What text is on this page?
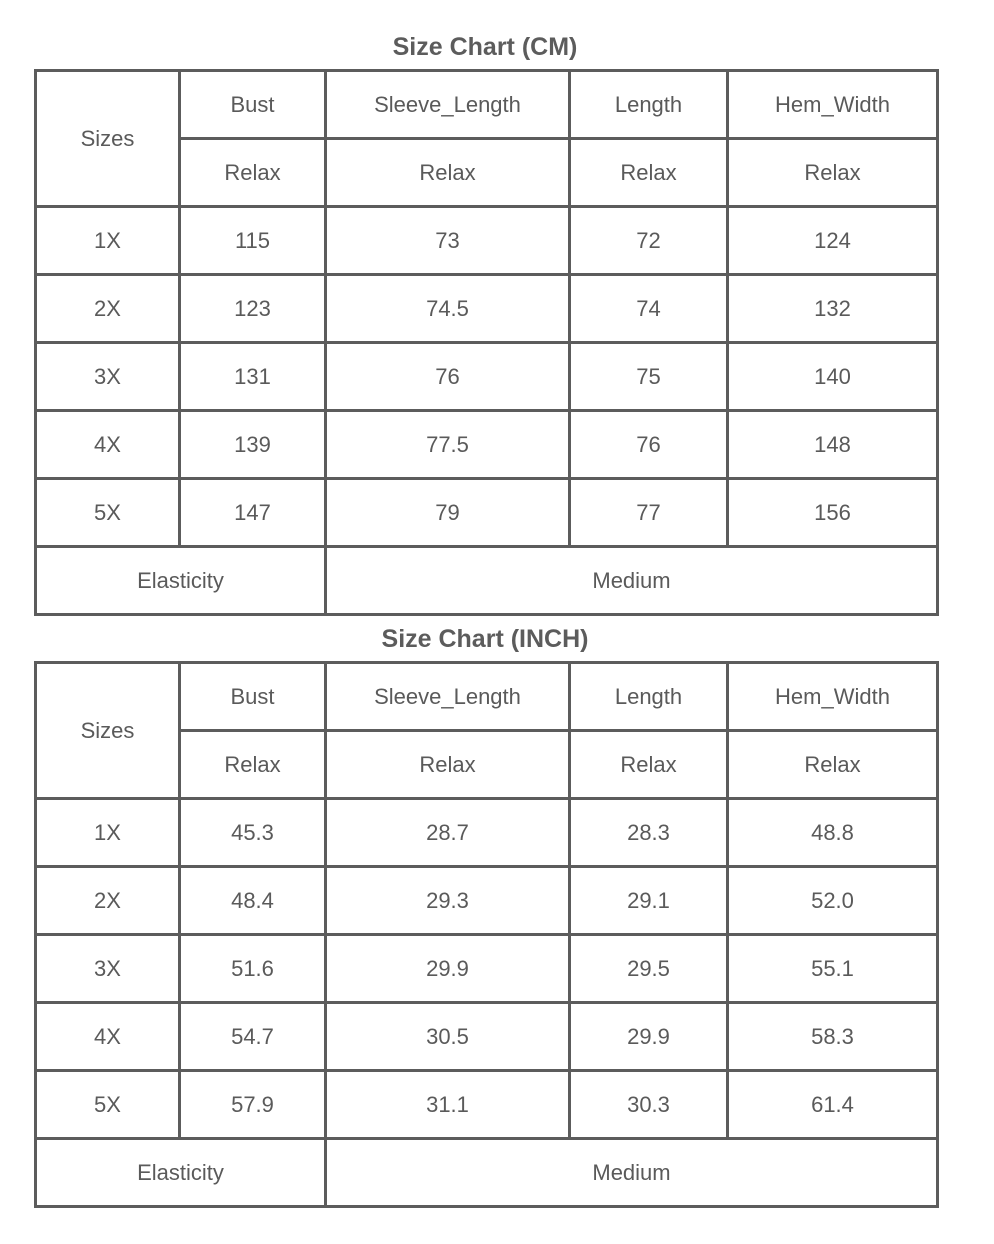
Size Chart (CM)
Sizes	Bust	Sleeve_Length	Length	Hem_Width
	Relax	Relax	Relax	Relax
1X	115	73	72	124
2X	123	74.5	74	132
3X	131	76	75	140
4X	139	77.5	76	148
5X	147	79	77	156
Elasticity		Medium		
Size Chart (INCH)
Sizes	Bust	Sleeve_Length	Length	Hem_Width
	Relax	Relax	Relax	Relax
1X	45.3	28.7	28.3	48.8
2X	48.4	29.3	29.1	52.0
3X	51.6	29.9	29.5	55.1
4X	54.7	30.5	29.9	58.3
5X	57.9	31.1	30.3	61.4
Elasticity		Medium		
